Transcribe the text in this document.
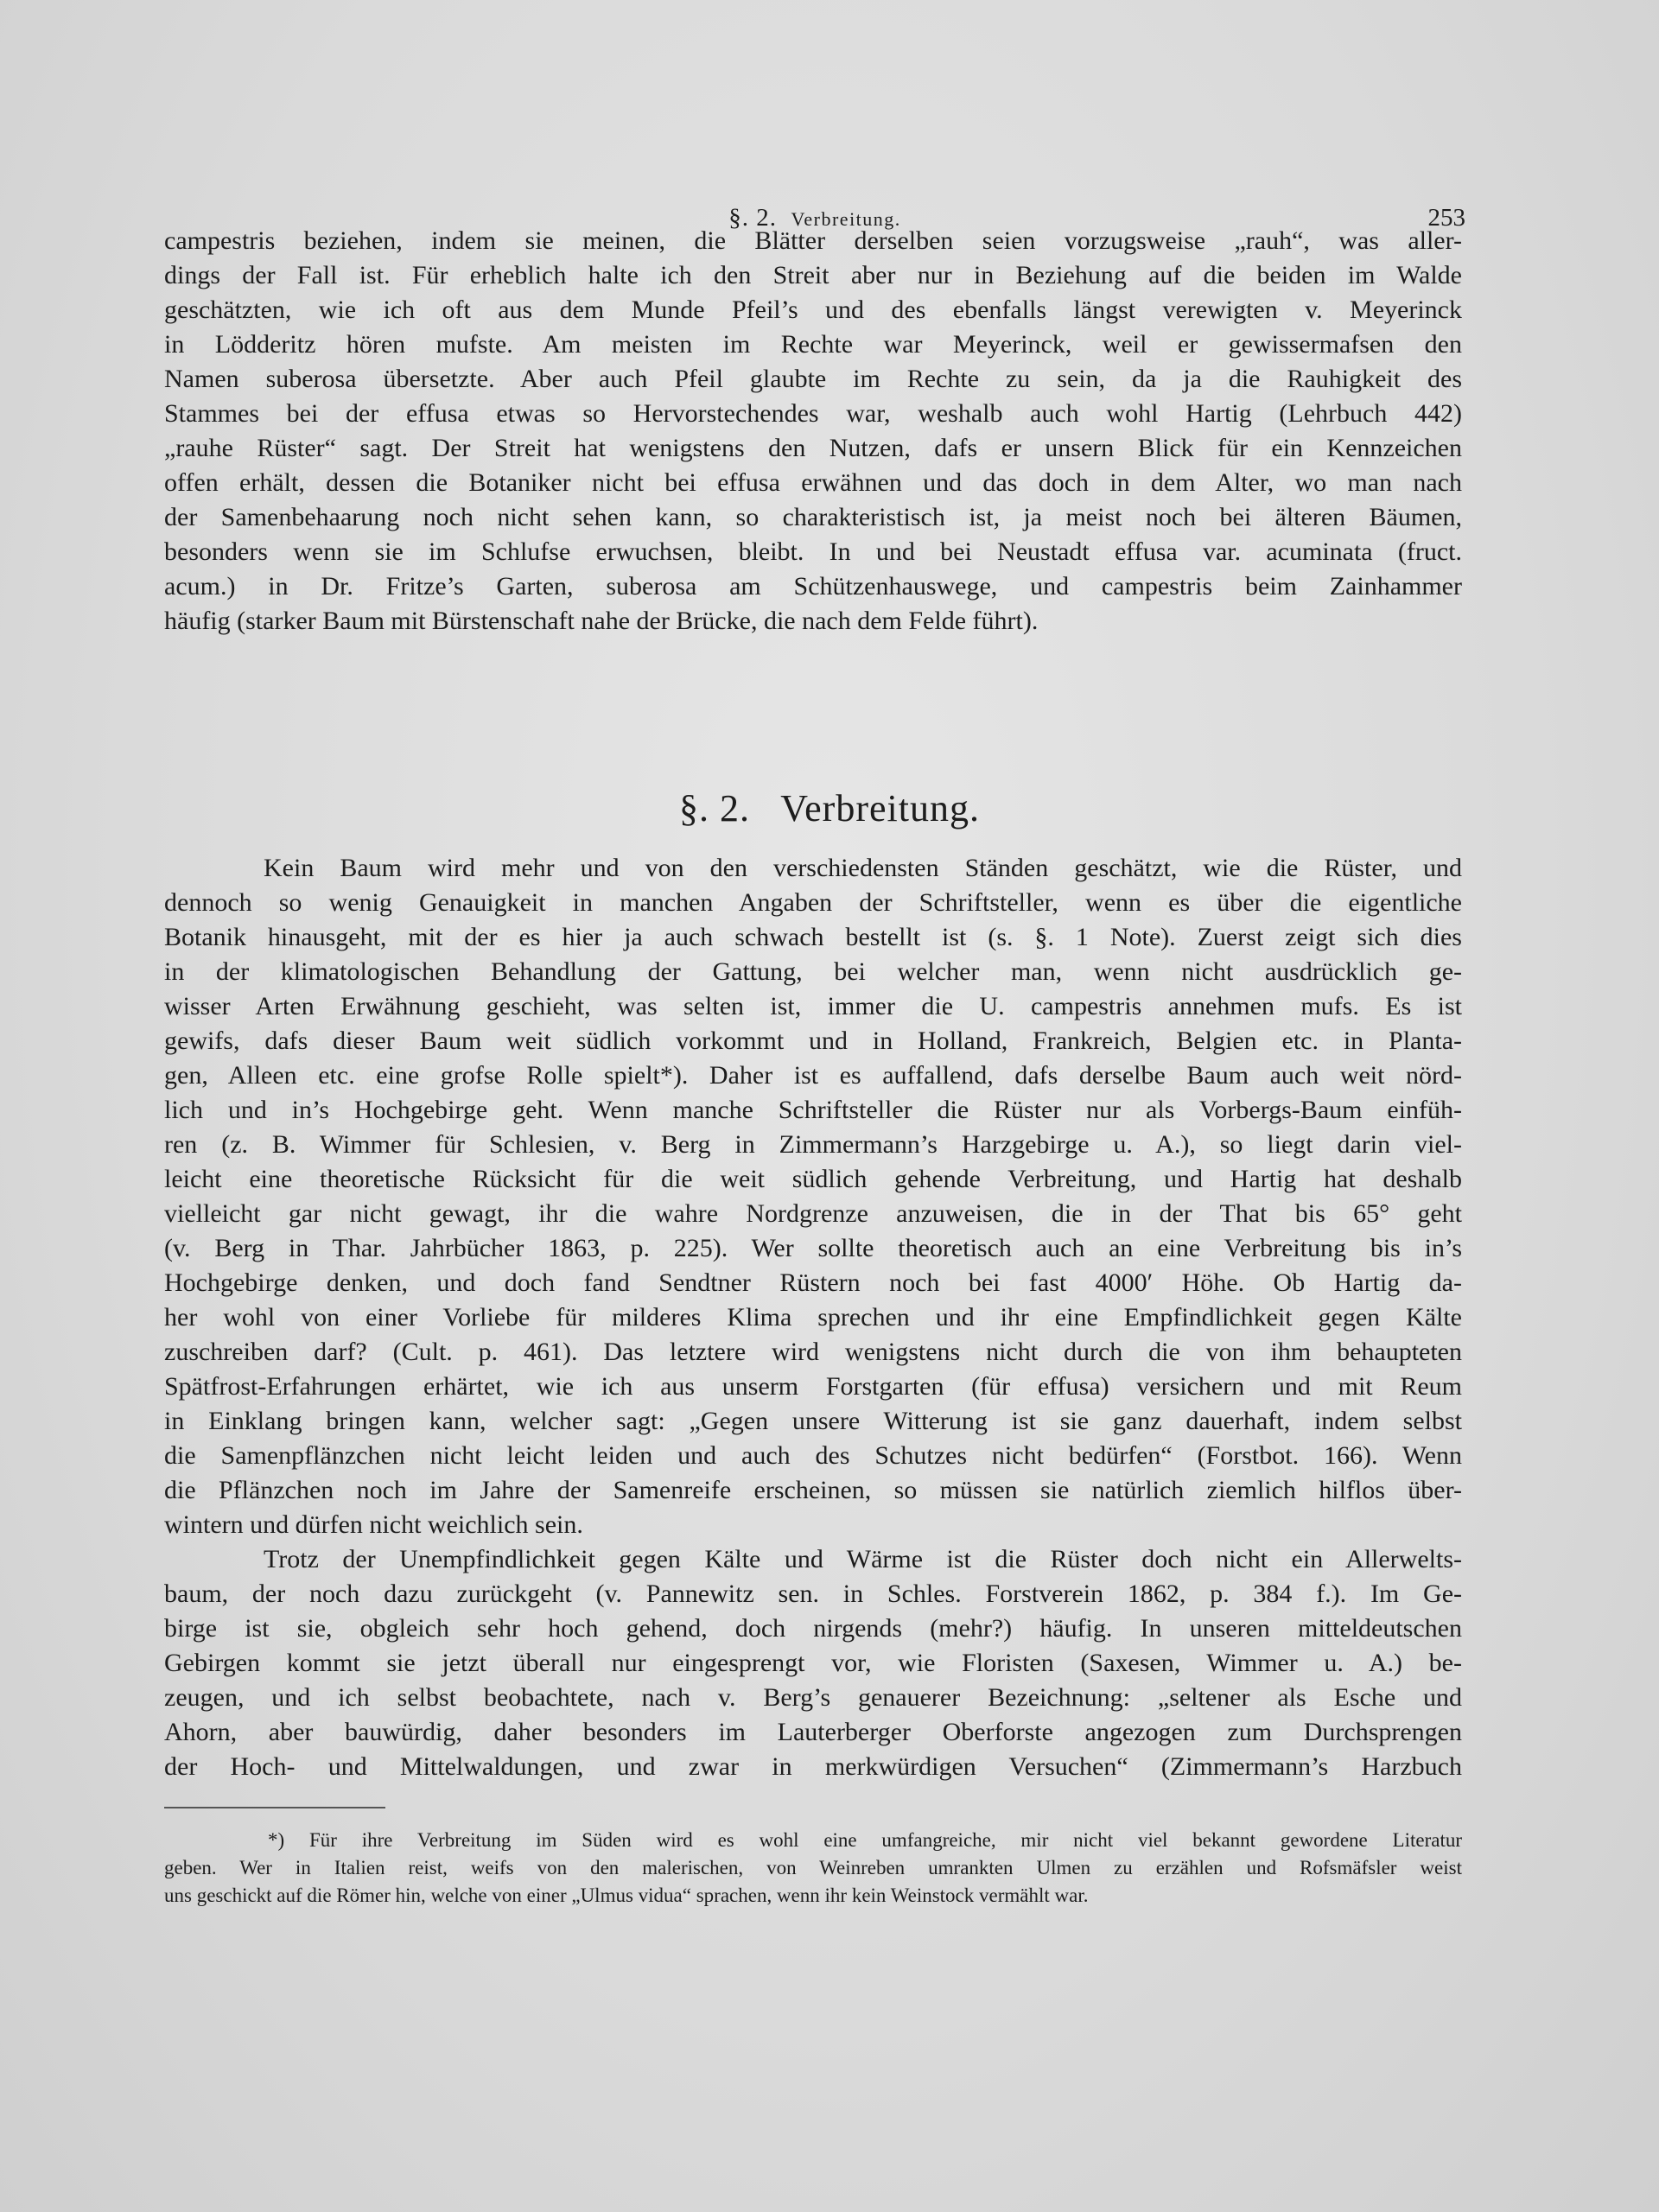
§. 2. Verbreitung.	253
campestris beziehen, indem sie meinen, die Blätter derselben seien vorzugsweise „rauh“, was aller-
dings der Fall ist. Für erheblich halte ich den Streit aber nur in Beziehung auf die beiden im Walde
geschätzten, wie ich oft aus dem Munde Pfeil’s und des ebenfalls längst verewigten v. Meyerinck
in Lödderitz hören mufste. Am meisten im Rechte war Meyerinck, weil er gewissermafsen den
Namen suberosa übersetzte. Aber auch Pfeil glaubte im Rechte zu sein, da ja die Rauhigkeit des
Stammes bei der effusa etwas so Hervorstechendes war, weshalb auch wohl Hartig (Lehrbuch 442)
„rauhe Rüster“ sagt. Der Streit hat wenigstens den Nutzen, dafs er unsern Blick für ein Kennzeichen
offen erhält, dessen die Botaniker nicht bei effusa erwähnen und das doch in dem Alter, wo man nach
der Samenbehaarung noch nicht sehen kann, so charakteristisch ist, ja meist noch bei älteren Bäumen,
besonders wenn sie im Schlufse erwuchsen, bleibt. In und bei Neustadt effusa var. acuminata (fruct.
acum.) in Dr. Fritze’s Garten, suberosa am Schützenhauswege, und campestris beim Zainhammer
häufig (starker Baum mit Bürstenschaft nahe der Brücke, die nach dem Felde führt).
§. 2.   Verbreitung.
Kein Baum wird mehr und von den verschiedensten Ständen geschätzt, wie die Rüster, und
dennoch so wenig Genauigkeit in manchen Angaben der Schriftsteller, wenn es über die eigentliche
Botanik hinausgeht, mit der es hier ja auch schwach bestellt ist (s. §. 1 Note). Zuerst zeigt sich dies
in der klimatologischen Behandlung der Gattung, bei welcher man, wenn nicht ausdrücklich ge-
wisser Arten Erwähnung geschieht, was selten ist, immer die U. campestris annehmen mufs. Es ist
gewifs, dafs dieser Baum weit südlich vorkommt und in Holland, Frankreich, Belgien etc. in Planta-
gen, Alleen etc. eine grofse Rolle spielt*). Daher ist es auffallend, dafs derselbe Baum auch weit nörd-
lich und in’s Hochgebirge geht. Wenn manche Schriftsteller die Rüster nur als Vorbergs-Baum einfüh-
ren (z. B. Wimmer für Schlesien, v. Berg in Zimmermann’s Harzgebirge u. A.), so liegt darin viel-
leicht eine theoretische Rücksicht für die weit südlich gehende Verbreitung, und Hartig hat deshalb
vielleicht gar nicht gewagt, ihr die wahre Nordgrenze anzuweisen, die in der That bis 65° geht
(v. Berg in Thar. Jahrbücher 1863, p. 225). Wer sollte theoretisch auch an eine Verbreitung bis in’s
Hochgebirge denken, und doch fand Sendtner Rüstern noch bei fast 4000′ Höhe. Ob Hartig da-
her wohl von einer Vorliebe für milderes Klima sprechen und ihr eine Empfindlichkeit gegen Kälte
zuschreiben darf? (Cult. p. 461). Das letztere wird wenigstens nicht durch die von ihm behaupteten
Spätfrost-Erfahrungen erhärtet, wie ich aus unserm Forstgarten (für effusa) versichern und mit Reum
in Einklang bringen kann, welcher sagt: „Gegen unsere Witterung ist sie ganz dauerhaft, indem selbst
die Samenpflänzchen nicht leicht leiden und auch des Schutzes nicht bedürfen“ (Forstbot. 166). Wenn
die Pflänzchen noch im Jahre der Samenreife erscheinen, so müssen sie natürlich ziemlich hilflos über-
wintern und dürfen nicht weichlich sein.
Trotz der Unempfindlichkeit gegen Kälte und Wärme ist die Rüster doch nicht ein Allerwelts-
baum, der noch dazu zurückgeht (v. Pannewitz sen. in Schles. Forstverein 1862, p. 384 f.). Im Ge-
birge ist sie, obgleich sehr hoch gehend, doch nirgends (mehr?) häufig. In unseren mitteldeutschen
Gebirgen kommt sie jetzt überall nur eingesprengt vor, wie Floristen (Saxesen, Wimmer u. A.) be-
zeugen, und ich selbst beobachtete, nach v. Berg’s genauerer Bezeichnung: „seltener als Esche und
Ahorn, aber bauwürdig, daher besonders im Lauterberger Oberforste angezogen zum Durchsprengen
der Hoch- und Mittelwaldungen, und zwar in merkwürdigen Versuchen“ (Zimmermann’s Harzbuch
*) Für ihre Verbreitung im Süden wird es wohl eine umfangreiche, mir nicht viel bekannt gewordene Literatur
geben. Wer in Italien reist, weifs von den malerischen, von Weinreben umrankten Ulmen zu erzählen und Rofsmäfsler weist
uns geschickt auf die Römer hin, welche von einer „Ulmus vidua“ sprachen, wenn ihr kein Weinstock vermählt war.
